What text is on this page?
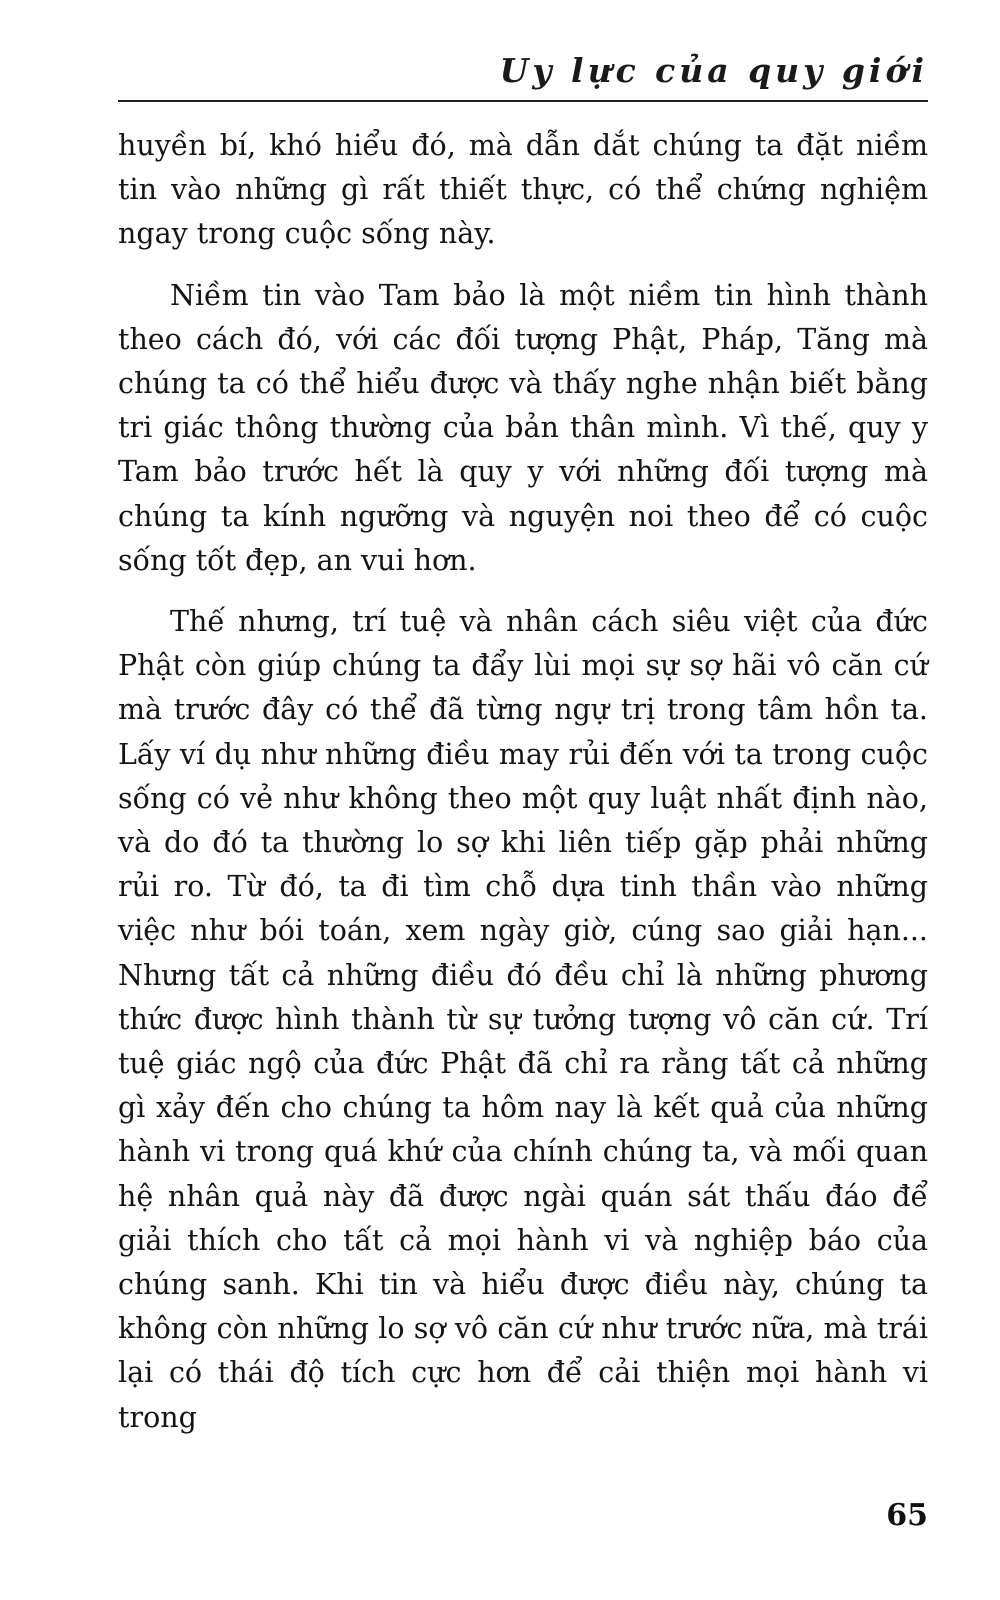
Uy lực của quy giới

huyền bí, khó hiểu đó, mà dẫn dắt chúng ta đặt niềm tin vào những gì rất thiết thực, có thể chứng nghiệm ngay trong cuộc sống này.

Niềm tin vào Tam bảo là một niềm tin hình thành theo cách đó, với các đối tượng Phật, Pháp, Tăng mà chúng ta có thể hiểu được và thấy nghe nhận biết bằng tri giác thông thường của bản thân mình. Vì thế, quy y Tam bảo trước hết là quy y với những đối tượng mà chúng ta kính ngưỡng và nguyện noi theo để có cuộc sống tốt đẹp, an vui hơn.

Thế nhưng, trí tuệ và nhân cách siêu việt của đức Phật còn giúp chúng ta đẩy lùi mọi sự sợ hãi vô căn cứ mà trước đây có thể đã từng ngự trị trong tâm hồn ta. Lấy ví dụ như những điều may rủi đến với ta trong cuộc sống có vẻ như không theo một quy luật nhất định nào, và do đó ta thường lo sợ khi liên tiếp gặp phải những rủi ro. Từ đó, ta đi tìm chỗ dựa tinh thần vào những việc như bói toán, xem ngày giờ, cúng sao giải hạn... Nhưng tất cả những điều đó đều chỉ là những phương thức được hình thành từ sự tưởng tượng vô căn cứ. Trí tuệ giác ngộ của đức Phật đã chỉ ra rằng tất cả những gì xảy đến cho chúng ta hôm nay là kết quả của những hành vi trong quá khứ của chính chúng ta, và mối quan hệ nhân quả này đã được ngài quán sát thấu đáo để giải thích cho tất cả mọi hành vi và nghiệp báo của chúng sanh. Khi tin và hiểu được điều này, chúng ta không còn những lo sợ vô căn cứ như trước nữa, mà trái lại có thái độ tích cực hơn để cải thiện mọi hành vi trong

65
